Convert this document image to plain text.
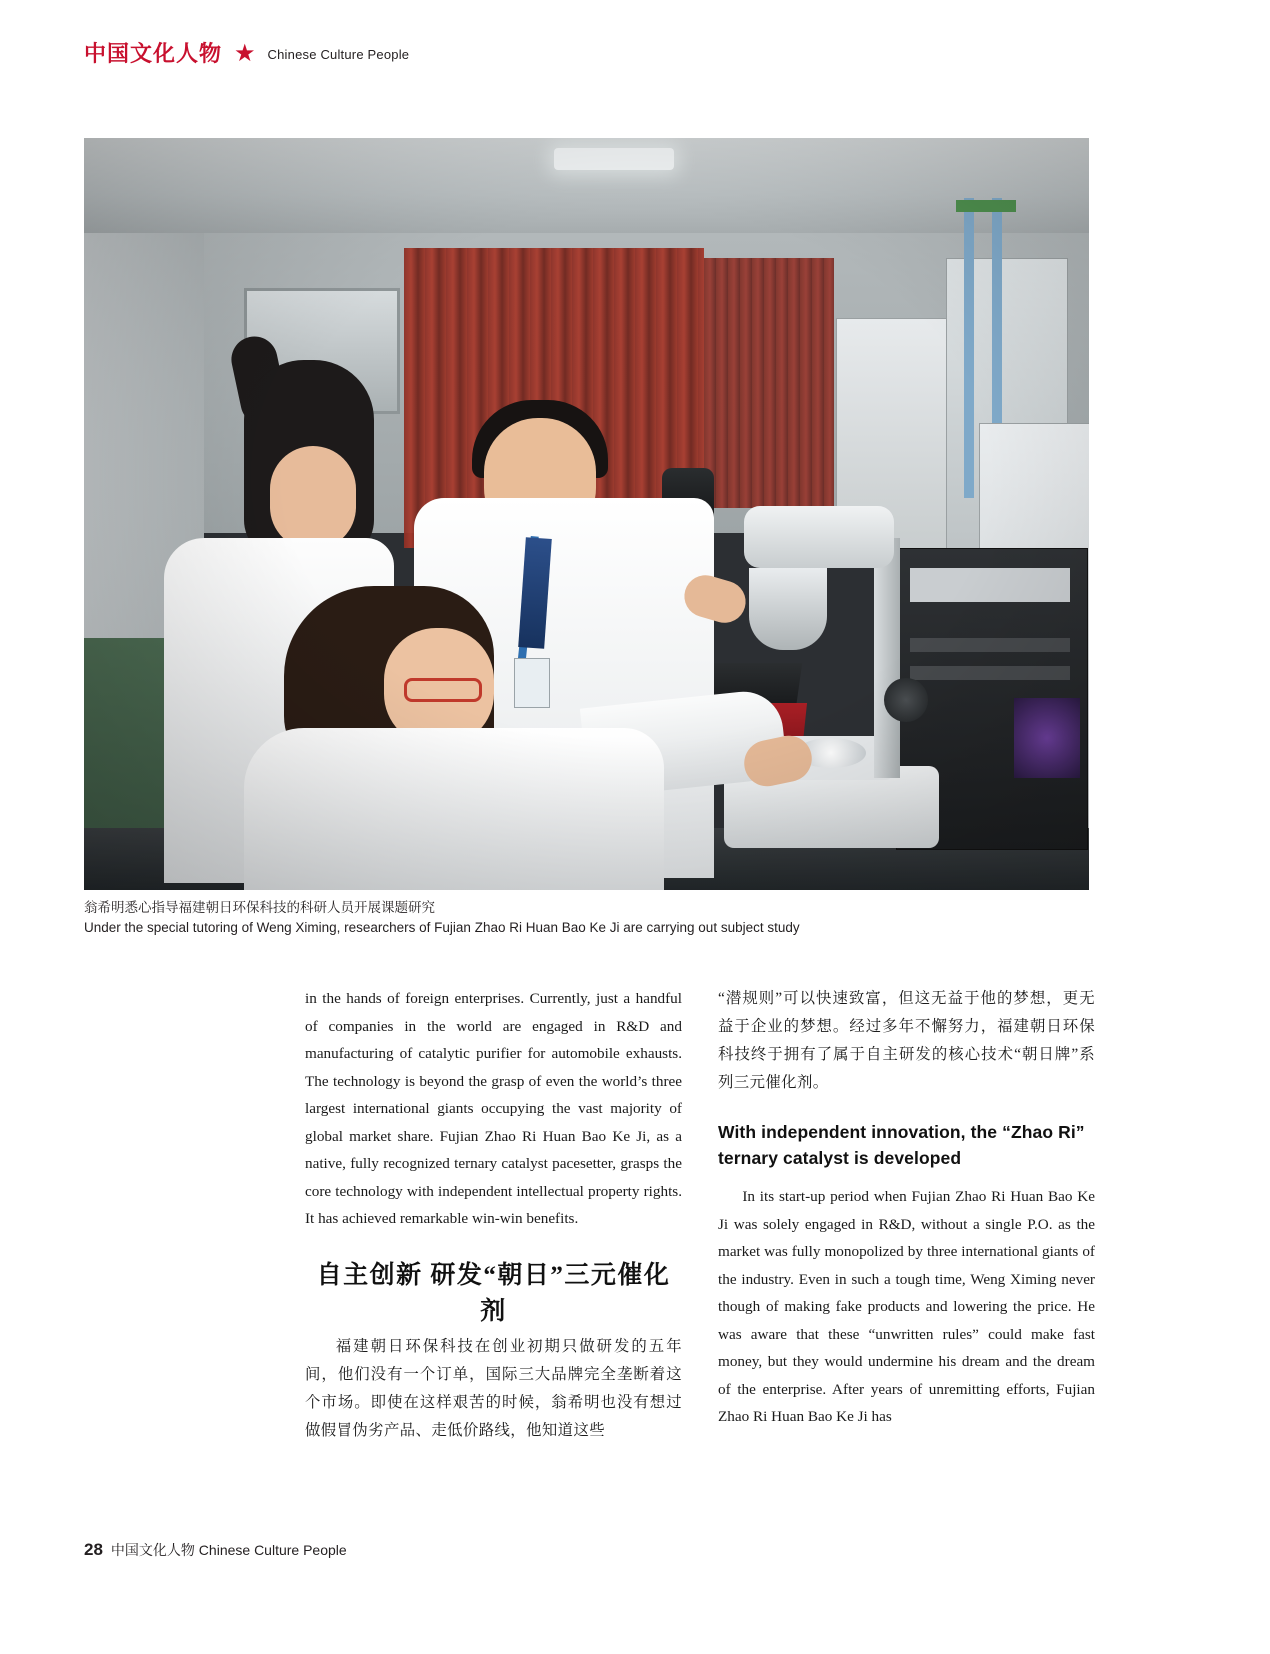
中国文化人物 ★ Chinese Culture People
翁希明悉心指导福建朝日环保科技的科研人员开展课题研究
Under the special tutoring of Weng Ximing, researchers of Fujian Zhao Ri Huan Bao Ke Ji are carrying out subject study

in the hands of foreign enterprises. Currently, just a handful of companies in the world are engaged in R&D and manufacturing of catalytic purifier for automobile exhausts. The technology is beyond the grasp of even the world’s three largest international giants occupying the vast majority of global market share. Fujian Zhao Ri Huan Bao Ke Ji, as a native, fully recognized ternary catalyst pacesetter, grasps the core technology with independent intellectual property rights. It has achieved remarkable win-win benefits.

自主创新 研发“朝日”三元催化剂

福建朝日环保科技在创业初期只做研发的五年间，他们没有一个订单，国际三大品牌完全垄断着这个市场。即使在这样艰苦的时候，翁希明也没有想过做假冒伪劣产品、走低价路线，他知道这些

“潜规则”可以快速致富，但这无益于他的梦想，更无益于企业的梦想。经过多年不懈努力，福建朝日环保科技终于拥有了属于自主研发的核心技术“朝日牌”系列三元催化剂。

With independent innovation, the “Zhao Ri” ternary catalyst is developed

In its start-up period when Fujian Zhao Ri Huan Bao Ke Ji was solely engaged in R&D, without a single P.O. as the market was fully monopolized by three international giants of the industry. Even in such a tough time, Weng Ximing never though of making fake products and lowering the price. He was aware that these “unwritten rules” could make fast money, but they would undermine his dream and the dream of the enterprise. After years of unremitting efforts, Fujian Zhao Ri Huan Bao Ke Ji has

28 中国文化人物 Chinese Culture People
